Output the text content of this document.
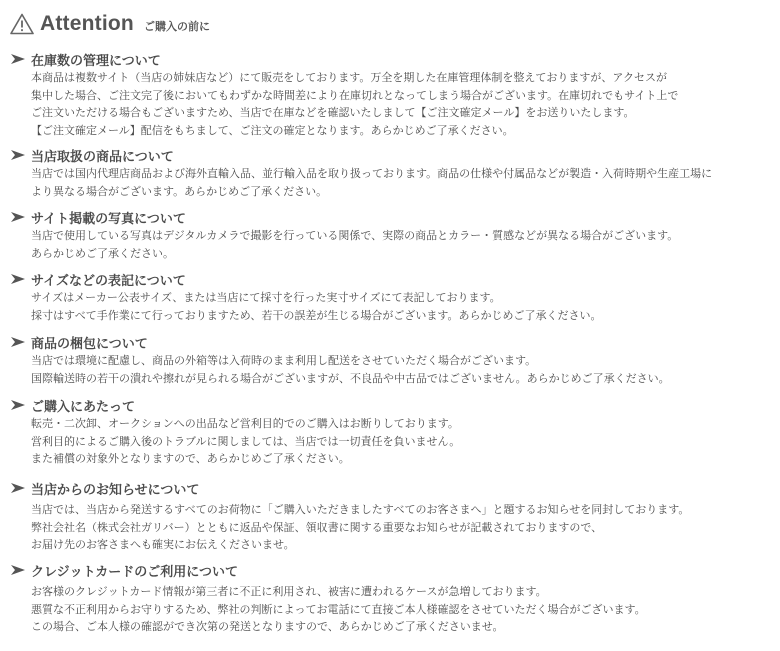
Attention ご購入の前に
在庫数の管理について
本商品は複数サイト（当店の姉妹店など）にて販売をしております。万全を期した在庫管理体制を整えておりますが、アクセスが
集中した場合、ご注文完了後においてもわずかな時間差により在庫切れとなってしまう場合がございます。在庫切れでもサイト上で
ご注文いただける場合もございますため、当店で在庫などを確認いたしまして【ご注文確定メール】をお送りいたします。
【ご注文確定メール】配信をもちまして、ご注文の確定となります。あらかじめご了承ください。
当店取扱の商品について
当店では国内代理店商品および海外直輸入品、並行輸入品を取り扱っております。商品の仕様や付属品などが製造・入荷時期や生産工場に
より異なる場合がございます。あらかじめご了承ください。
サイト掲載の写真について
当店で使用している写真はデジタルカメラで撮影を行っている関係で、実際の商品とカラー・質感などが異なる場合がございます。
あらかじめご了承ください。
サイズなどの表記について
サイズはメーカー公表サイズ、または当店にて採寸を行った実寸サイズにて表記しております。
採寸はすべて手作業にて行っておりますため、若干の誤差が生じる場合がございます。あらかじめご了承ください。
商品の梱包について
当店では環境に配慮し、商品の外箱等は入荷時のまま利用し配送をさせていただく場合がございます。
国際輸送時の若干の潰れや擦れが見られる場合がございますが、不良品や中古品ではございません。あらかじめご了承ください。
ご購入にあたって
転売・二次卸、オークションへの出品など営利目的でのご購入はお断りしております。
営利目的によるご購入後のトラブルに関しましては、当店では一切責任を負いません。
また補償の対象外となりますので、あらかじめご了承ください。
当店からのお知らせについて
当店では、当店から発送するすべてのお荷物に「ご購入いただきましたすべてのお客さまへ」と題するお知らせを同封しております。
弊社会社名（株式会社ガリバー）とともに返品や保証、領収書に関する重要なお知らせが記載されておりますので、
お届け先のお客さまへも確実にお伝えくださいませ。
クレジットカードのご利用について
お客様のクレジットカード情報が第三者に不正に利用され、被害に遭われるケースが急増しております。
悪質な不正利用からお守りするため、弊社の判断によってお電話にて直接ご本人様確認をさせていただく場合がございます。
この場合、ご本人様の確認ができ次第の発送となりますので、あらかじめご了承くださいませ。
